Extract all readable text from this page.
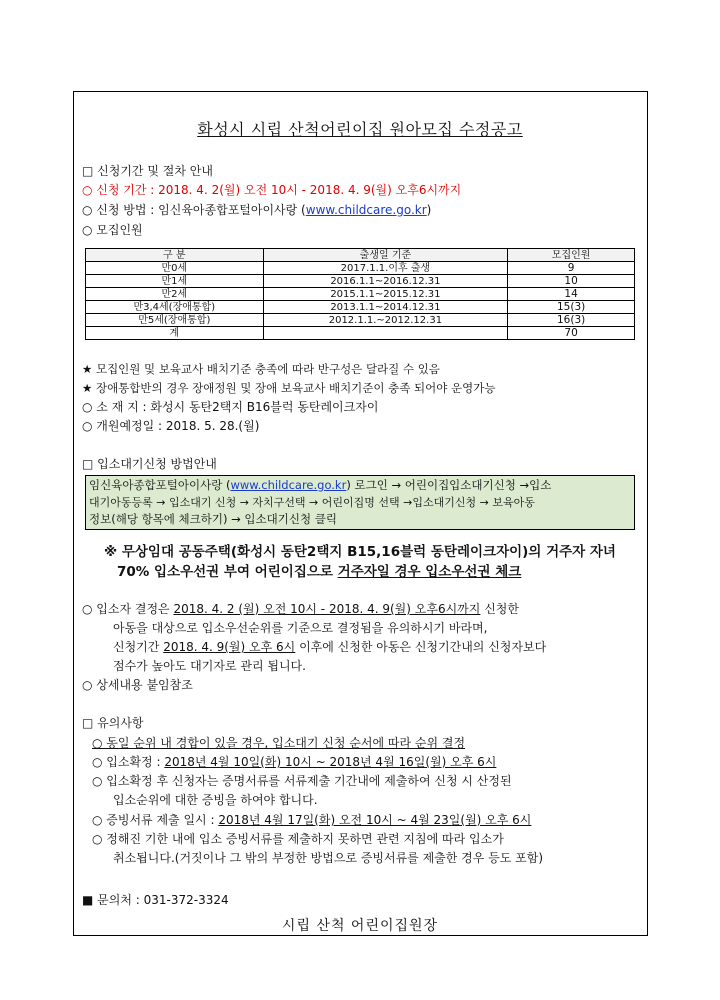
화성시 시립 산척어린이집 원아모집 수정공고
□ 신청기간 및 절차 안내
○ 신청 기간 : 2018. 4. 2(월) 오전 10시 - 2018. 4. 9(월) 오후6시까지
○ 신청 방법 : 임신육아종합포털아이사랑 (www.childcare.go.kr)
○ 모집인원
구 분	출생일 기준	모집인원
만0세	2017.1.1.이후 출생	9
만1세	2016.1.1~2016.12.31	10
만2세	2015.1.1~2015.12.31	14
만3,4세(장애통합)	2013.1.1~2014.12.31	15(3)
만5세(장애통합)	2012.1.1.~2012.12.31	16(3)
계		70
★ 모집인원 및 보육교사 배치기준 충족에 따라 반구성은 달라질 수 있음
★ 장애통합반의 경우 장애정원 및 장애 보육교사 배치기준이 충족 되어야 운영가능
○ 소 재 지 : 화성시 동탄2택지 B16블럭 동탄레이크자이
○ 개원예정일 : 2018. 5. 28.(월)
□ 입소대기신청 방법안내
임신육아종합포털아이사랑 (www.childcare.go.kr) 로그인 → 어린이집입소대기신청 →입소
대기아동등록 → 입소대기 신청 → 자치구선택 → 어린이집명 선택 →입소대기신청 → 보육아동
정보(해당 항목에 체크하기) → 입소대기신청 클릭
※ 무상임대 공동주택(화성시 동탄2택지 B15,16블럭 동탄레이크자이)의 거주자 자녀
70% 입소우선권 부여 어린이집으로 거주자일 경우 입소우선권 체크
○ 입소자 결정은 2018. 4. 2 (월) 오전 10시 - 2018. 4. 9(월) 오후6시까지 신청한
아동을 대상으로 입소우선순위를 기준으로 결정됨을 유의하시기 바라며,
신청기간 2018. 4. 9(월) 오후 6시 이후에 신청한 아동은 신청기간내의 신청자보다
점수가 높아도 대기자로 관리 됩니다.
○ 상세내용 붙임참조
□ 유의사항
○ 동일 순위 내 경합이 있을 경우, 입소대기 신청 순서에 따라 순위 결정
○ 입소확정 : 2018년 4월 10일(화) 10시 ~ 2018년 4월 16일(월) 오후 6시
○ 입소확정 후 신청자는 증명서류를 서류제출 기간내에 제출하여 신청 시 산정된
입소순위에 대한 증빙을 하여야 합니다.
○ 증빙서류 제출 일시 : 2018년 4월 17일(화) 오전 10시 ~ 4월 23일(월) 오후 6시
○ 정해진 기한 내에 입소 증빙서류를 제출하지 못하면 관련 지침에 따라 입소가
취소됩니다.(거짓이나 그 밖의 부정한 방법으로 증빙서류를 제출한 경우 등도 포함)
■ 문의처 : 031-372-3324
시립 산척 어린이집원장
